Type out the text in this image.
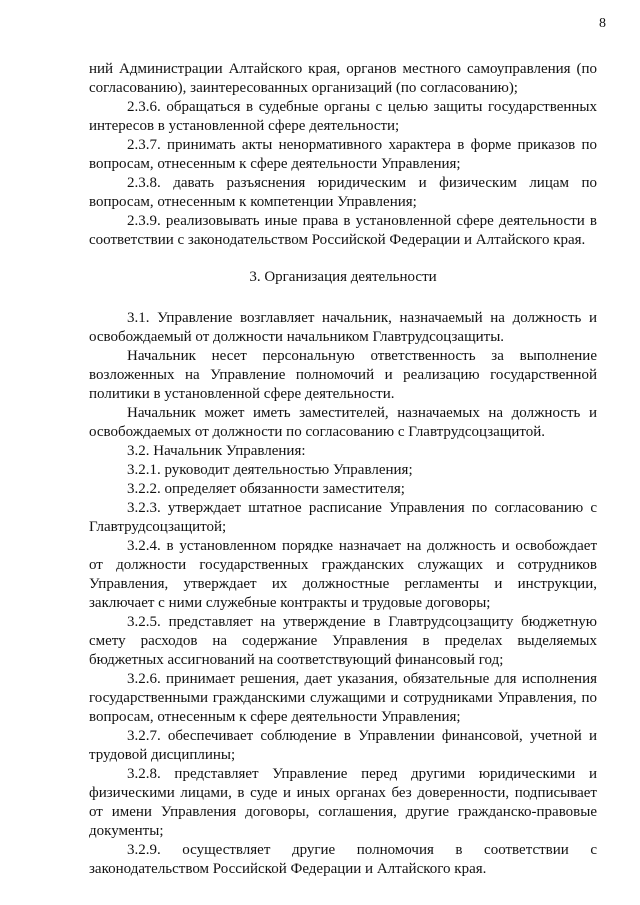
8

ний Администрации Алтайского края, органов местного самоуправления (по согласованию), заинтересованных организаций (по согласованию);

2.3.6. обращаться в судебные органы с целью защиты государственных интересов в установленной сфере деятельности;

2.3.7. принимать акты ненормативного характера в форме приказов по вопросам, отнесенным к сфере деятельности Управления;

2.3.8. давать разъяснения юридическим и физическим лицам по вопросам, отнесенным к компетенции Управления;

2.3.9. реализовывать иные права в установленной сфере деятельности в соответствии с законодательством Российской Федерации и Алтайского края.

3. Организация деятельности

3.1. Управление возглавляет начальник, назначаемый на должность и освобождаемый от должности начальником Главтрудсоцзащиты.

Начальник несет персональную ответственность за выполнение возложенных на Управление полномочий и реализацию государственной политики в установленной сфере деятельности.

Начальник может иметь заместителей, назначаемых на должность и освобождаемых от должности по согласованию с Главтрудсоцзащитой.

3.2. Начальник Управления:

3.2.1. руководит деятельностью Управления;

3.2.2. определяет обязанности заместителя;

3.2.3. утверждает штатное расписание Управления по согласованию с Главтрудсоцзащитой;

3.2.4. в установленном порядке назначает на должность и освобождает от должности государственных гражданских служащих и сотрудников Управления, утверждает их должностные регламенты и инструкции, заключает с ними служебные контракты и трудовые договоры;

3.2.5. представляет на утверждение в Главтрудсоцзащиту бюджетную смету расходов на содержание Управления в пределах выделяемых бюджетных ассигнований на соответствующий финансовый год;

3.2.6. принимает решения, дает указания, обязательные для исполнения государственными гражданскими служащими и сотрудниками Управления, по вопросам, отнесенным к сфере деятельности Управления;

3.2.7. обеспечивает соблюдение в Управлении финансовой, учетной и трудовой дисциплины;

3.2.8. представляет Управление перед другими юридическими и физическими лицами, в суде и иных органах без доверенности, подписывает от имени Управления договоры, соглашения, другие гражданско-правовые документы;

3.2.9. осуществляет другие полномочия в соответствии с законодательством Российской Федерации и Алтайского края.
